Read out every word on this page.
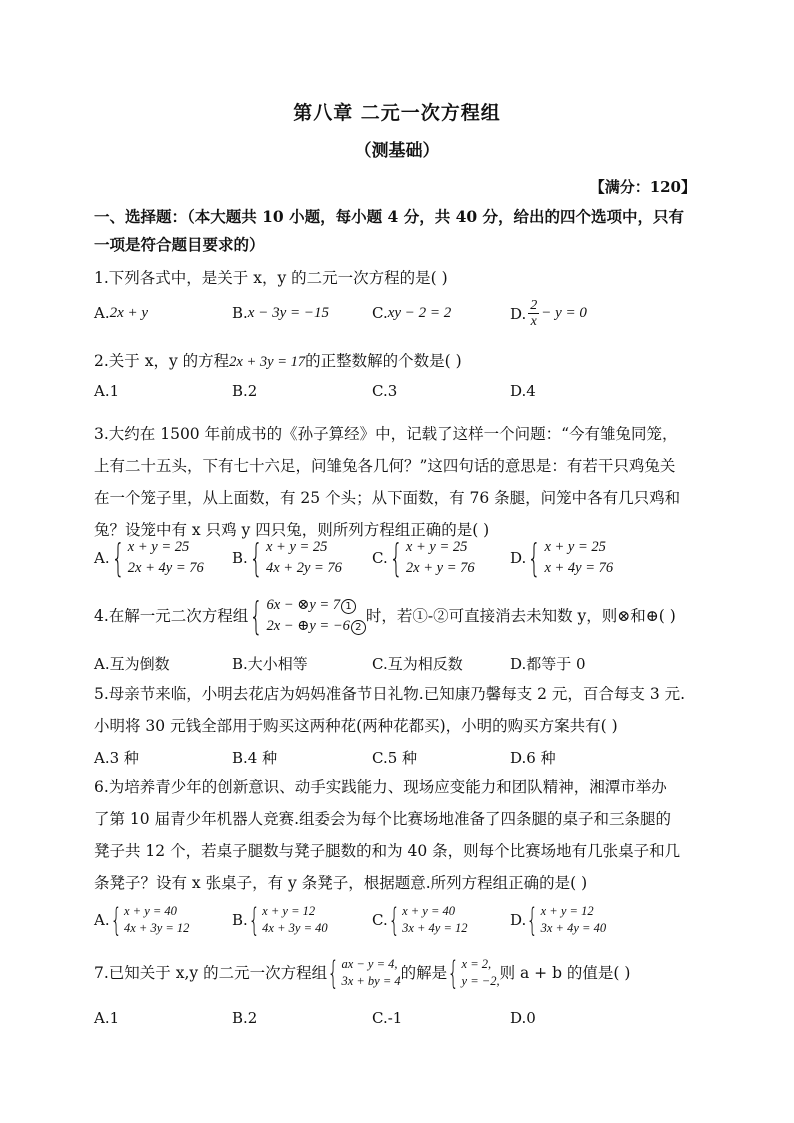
第八章 二元一次方程组
（测基础）
【满分：120】
一、选择题：（本大题共 10 小题，每小题 4 分，共 40 分，给出的四个选项中，只有
一项是符合题目要求的）
1.下列各式中，是关于 x，y 的二元一次方程的是( )
A. 2x + y	B. x − 3y = −15	C. xy − 2 = 2	D. $\frac{2}{x} - y = 0$
2.关于 x，y 的方程2x + 3y = 17的正整数解的个数是( )
A.1	B.2	C.3	D.4
3.大约在 1500 年前成书的《孙子算经》中，记载了这样一个问题：“今有雏兔同笼，
上有二十五头，下有七十六足，问雏兔各几何？”这四句话的意思是：有若干只鸡兔关
在一个笼子里，从上面数，有 25 个头；从下面数，有 76 条腿，问笼中各有几只鸡和
兔？设笼中有 x 只鸡 y 四只兔，则所列方程组正确的是( )
A. { x + y = 25
2x + 4y = 76
B. { x + y = 25
4x + 2y = 76
C. { x + y = 25
2x + y = 76
D. { x + y = 25
x + 4y = 76
4.在解一元二次方程组 { 6x − ⊗y = 7 1
2x − ⊕y = −6 2
时，若①-②可直接消去未知数 y，则⊗和⊕( )
A.互为倒数	B.大小相等	C.互为相反数	D.都等于 0
5.母亲节来临，小明去花店为妈妈准备节日礼物.已知康乃馨每支 2 元，百合每支 3 元.
小明将 30 元钱全部用于购买这两种花(两种花都买)，小明的购买方案共有( )
A.3 种	B.4 种	C.5 种	D.6 种
6.为培养青少年的创新意识、动手实践能力、现场应变能力和团队精神，湘潭市举办
了第 10 届青少年机器人竞赛.组委会为每个比赛场地准备了四条腿的桌子和三条腿的
凳子共 12 个，若桌子腿数与凳子腿数的和为 40 条，则每个比赛场地有几张桌子和几
条凳子？设有 x 张桌子，有 y 条凳子，根据题意.所列方程组正确的是( )
A. { x + y = 40
4x + 3y = 12	B. { x + y = 12
4x + 3y = 40	C. { x + y = 40
3x + 4y = 12	D. { x + y = 12
3x + 4y = 40
7.已知关于 x,y 的二元一次方程组 { ax − y = 4,
3x + by = 4 的解是 { x = 2,
y = −2, 则 a + b 的值是( )
A.1	B.2	C.-1	D.0
